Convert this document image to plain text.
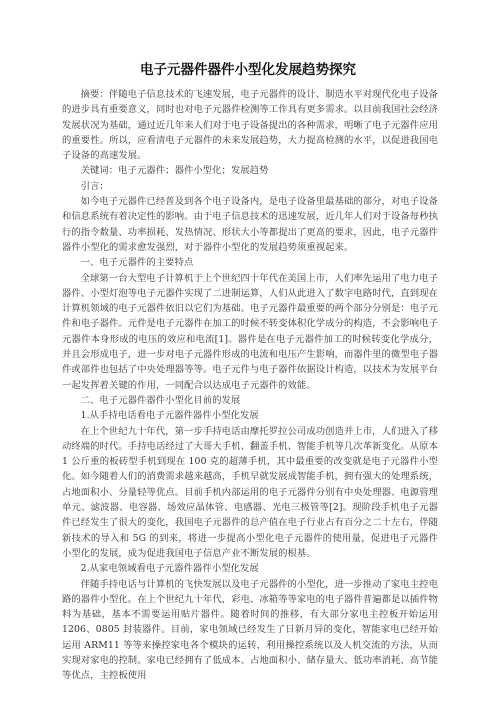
电子元器件器件小型化发展趋势探究

摘要：伴随电子信息技术的飞速发展，电子元器件的设计、制造水平对现代化电子设备的进步具有重要意义，同时也对电子元器件检测等工作具有更多需求。以目前我国社会经济发展状况为基础，通过近几年来人们对于电子设备提出的各种需求，明晰了电子元器件应用的重要性。所以，应看清电子元器件的未来发展趋势，大力提高检测的水平，以促进我国电子设备的高速发展。

关键词：电子元器件；器件小型化；发展趋势

引言：

如今电子元器件已经普及到各个电子设备内，是电子设备里最基础的部分，对电子设备和信息系统有着决定性的影响。由于电子信息技术的迅速发展，近几年人们对于设备每秒执行的指令数量、功率损耗、发热情况、形状大小等都提出了更高的要求，因此，电子元器件器件小型化的需求愈发强烈，对于器件小型化的发展趋势须重视起来。

一、电子元器件的主要特点

全球第一台大型电子计算机于上个世纪四十年代在美国上市，人们率先运用了电力电子器件、小型灯泡等电子元器件实现了二进制运算，人们从此进入了数字电路时代，直到现在计算机领域的电子元器件依旧以它们为基础。电子元器件最重要的两个部分分别是：电子元件和电子器件。元件是电子元器件在加工的时候不转变体积化学成分的构造，不会影响电子元器件本身形成的电压的效应和电流[1]。器件是在电子元器件加工的时候转变化学成分，并且会形成电子，进一步对电子元器件形成的电流和电压产生影响，而器件里的微型电子器件或部件也包括了中央处理器等等。电子元件与电子器件依据设计构造，以技术为发展平台一起发挥着关键的作用，一同配合以达成电子元器件的效能。

二、电子元器件器件小型化目前的发展

1.从手持电话看电子元器件器件小型化发展

在上个世纪九十年代，第一步手持电话由摩托罗拉公司成功创造并上市，人们进入了移动终端的时代。手持电话经过了大哥大手机、翻盖手机、智能手机等几次革新变化。从原本 1 公斤重的板砖型手机到现在 100 克的超薄手机，其中最重要的改变就是电子元器件小型化。如今随着人们的消费需求越来越高，手机早就发展成智能手机，拥有强大的处理系统，占地面积小、分量轻等优点。目前手机内部运用的电子元器件分别有中央处理器、电源管理单元、滤波器、电容器、场效应晶体管、电感器、光电三极管等[2]。现阶段手机电子元器件已经发生了很大的变化，我国电子元器件的总产值在电子行业占有百分之二十左右，伴随新技术的导入和 5G 的到来，将进一步提高小型化电子元器件的使用量，促进电子元器件小型化的发展，成为促进我国电子信息产业不断发展的根基。

2.从家电领域看电子元器件器件小型化发展

伴随手持电话与计算机的飞快发展以及电子元器件的小型化，进一步推动了家电主控电路的器件小型化。在上个世纪九十年代，彩电、冰箱等等家电的电子器件普遍都是以插件物料为基础，基本不需要运用贴片器件。随着时间的推移，有大部分家电主控板开始运用 1206、0805 封装器件。目前，家电领域已经发生了日新月异的变化，智能家电已经开始运用 ARM11 等等来操控家电各个模块的运转，利用操控系统以及人机交流的方法，从而实现对家电的控制。家电已经拥有了低成本、占地面积小、储存量大、低功率消耗、高节能等优点，主控板使用
